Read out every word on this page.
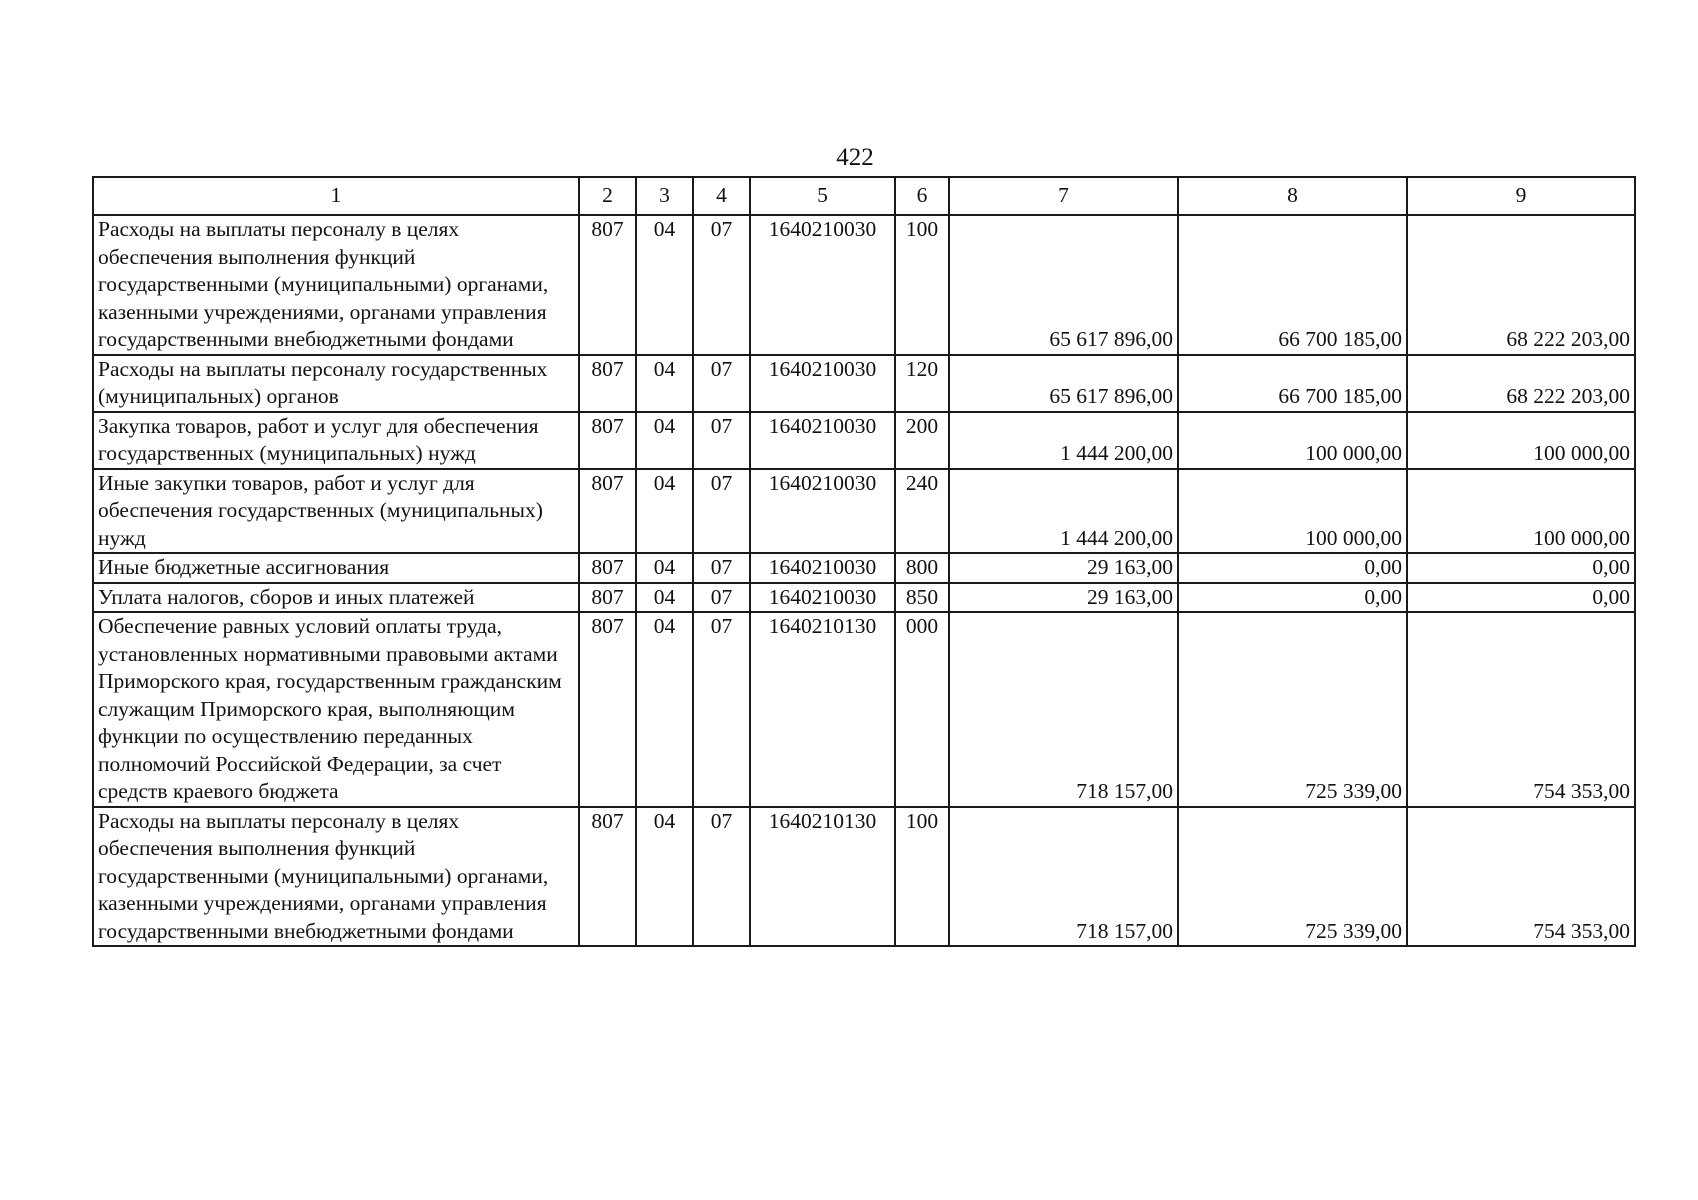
422
1	2	3	4	5	6	7	8	9
Расходы на выплаты персоналу в целях обеспечения выполнения функций государственными (муниципальными) органами, казенными учреждениями, органами управления государственными внебюджетными фондами	807	04	07	1640210030	100	65 617 896,00	66 700 185,00	68 222 203,00
Расходы на выплаты персоналу государственных (муниципальных) органов	807	04	07	1640210030	120	65 617 896,00	66 700 185,00	68 222 203,00
Закупка товаров, работ и услуг для обеспечения государственных (муниципальных) нужд	807	04	07	1640210030	200	1 444 200,00	100 000,00	100 000,00
Иные закупки товаров, работ и услуг для обеспечения государственных (муниципальных) нужд	807	04	07	1640210030	240	1 444 200,00	100 000,00	100 000,00
Иные бюджетные ассигнования	807	04	07	1640210030	800	29 163,00	0,00	0,00
Уплата налогов, сборов и иных платежей	807	04	07	1640210030	850	29 163,00	0,00	0,00
Обеспечение равных условий оплаты труда, установленных нормативными правовыми актами Приморского края, государственным гражданским служащим Приморского края, выполняющим функции по осуществлению переданных полномочий Российской Федерации, за счет средств краевого бюджета	807	04	07	1640210130	000	718 157,00	725 339,00	754 353,00
Расходы на выплаты персоналу в целях обеспечения выполнения функций государственными (муниципальными) органами, казенными учреждениями, органами управления государственными внебюджетными фондами	807	04	07	1640210130	100	718 157,00	725 339,00	754 353,00
